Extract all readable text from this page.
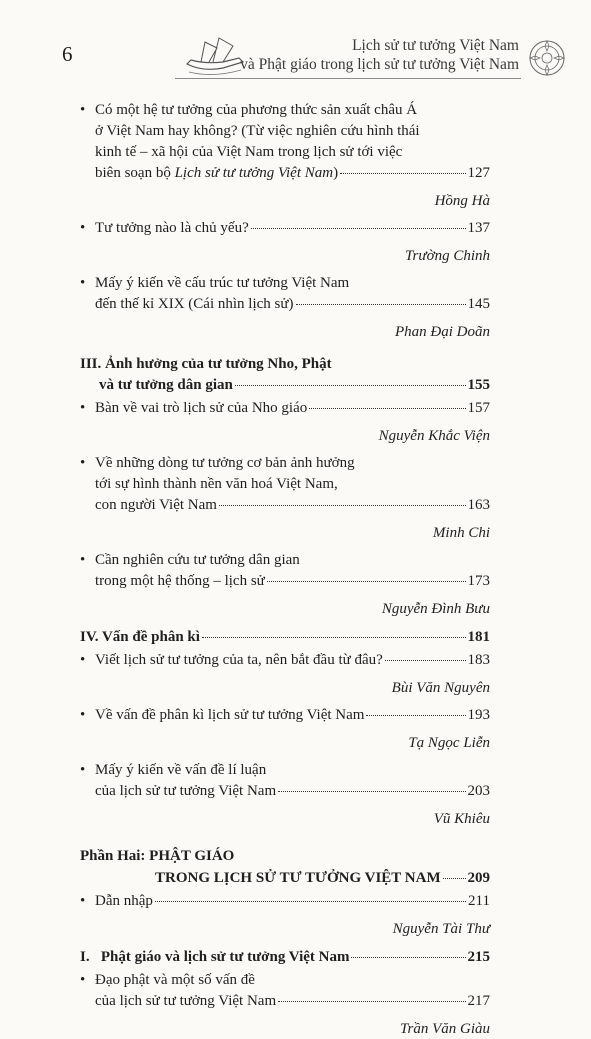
6	Lịch sử tư tưởng Việt Nam
và Phật giáo trong lịch sử tư tưởng Việt Nam
• Có một hệ tư tưởng của phương thức sản xuất châu Á
ở Việt Nam hay không? (Từ việc nghiên cứu hình thái
kinh tế – xã hội của Việt Nam trong lịch sử tới việc
biên soạn bộ Lịch sử tư tưởng Việt Nam)	127
Hồng Hà
• Tư tưởng nào là chủ yếu?	137
Trường Chinh
• Mấy ý kiến về cấu trúc tư tưởng Việt Nam
đến thế kỉ XIX (Cái nhìn lịch sử)	145
Phan Đại Doãn
III. Ảnh hưởng của tư tưởng Nho, Phật
và tư tưởng dân gian	155
• Bàn về vai trò lịch sử của Nho giáo	157
Nguyễn Khắc Viện
• Về những dòng tư tưởng cơ bản ảnh hưởng
tới sự hình thành nền văn hoá Việt Nam,
con người Việt Nam	163
Minh Chi
• Cần nghiên cứu tư tưởng dân gian
trong một hệ thống – lịch sử	173
Nguyễn Đình Bưu
IV. Vấn đề phân kì	181
• Viết lịch sử tư tưởng của ta, nên bắt đầu từ đâu?	183
Bùi Văn Nguyên
• Về vấn đề phân kì lịch sử tư tưởng Việt Nam	193
Tạ Ngọc Liễn
• Mấy ý kiến về vấn đề lí luận
của lịch sử tư tưởng Việt Nam	203
Vũ Khiêu
Phần Hai: PHẬT GIÁO
TRONG LỊCH SỬ TƯ TƯỞNG VIỆT NAM 209
• Dẫn nhập	211
Nguyễn Tài Thư
I.   Phật giáo và lịch sử tư tưởng Việt Nam	215
• Đạo phật và một số vấn đề
của lịch sử tư tưởng Việt Nam	217
Trần Văn Giàu
